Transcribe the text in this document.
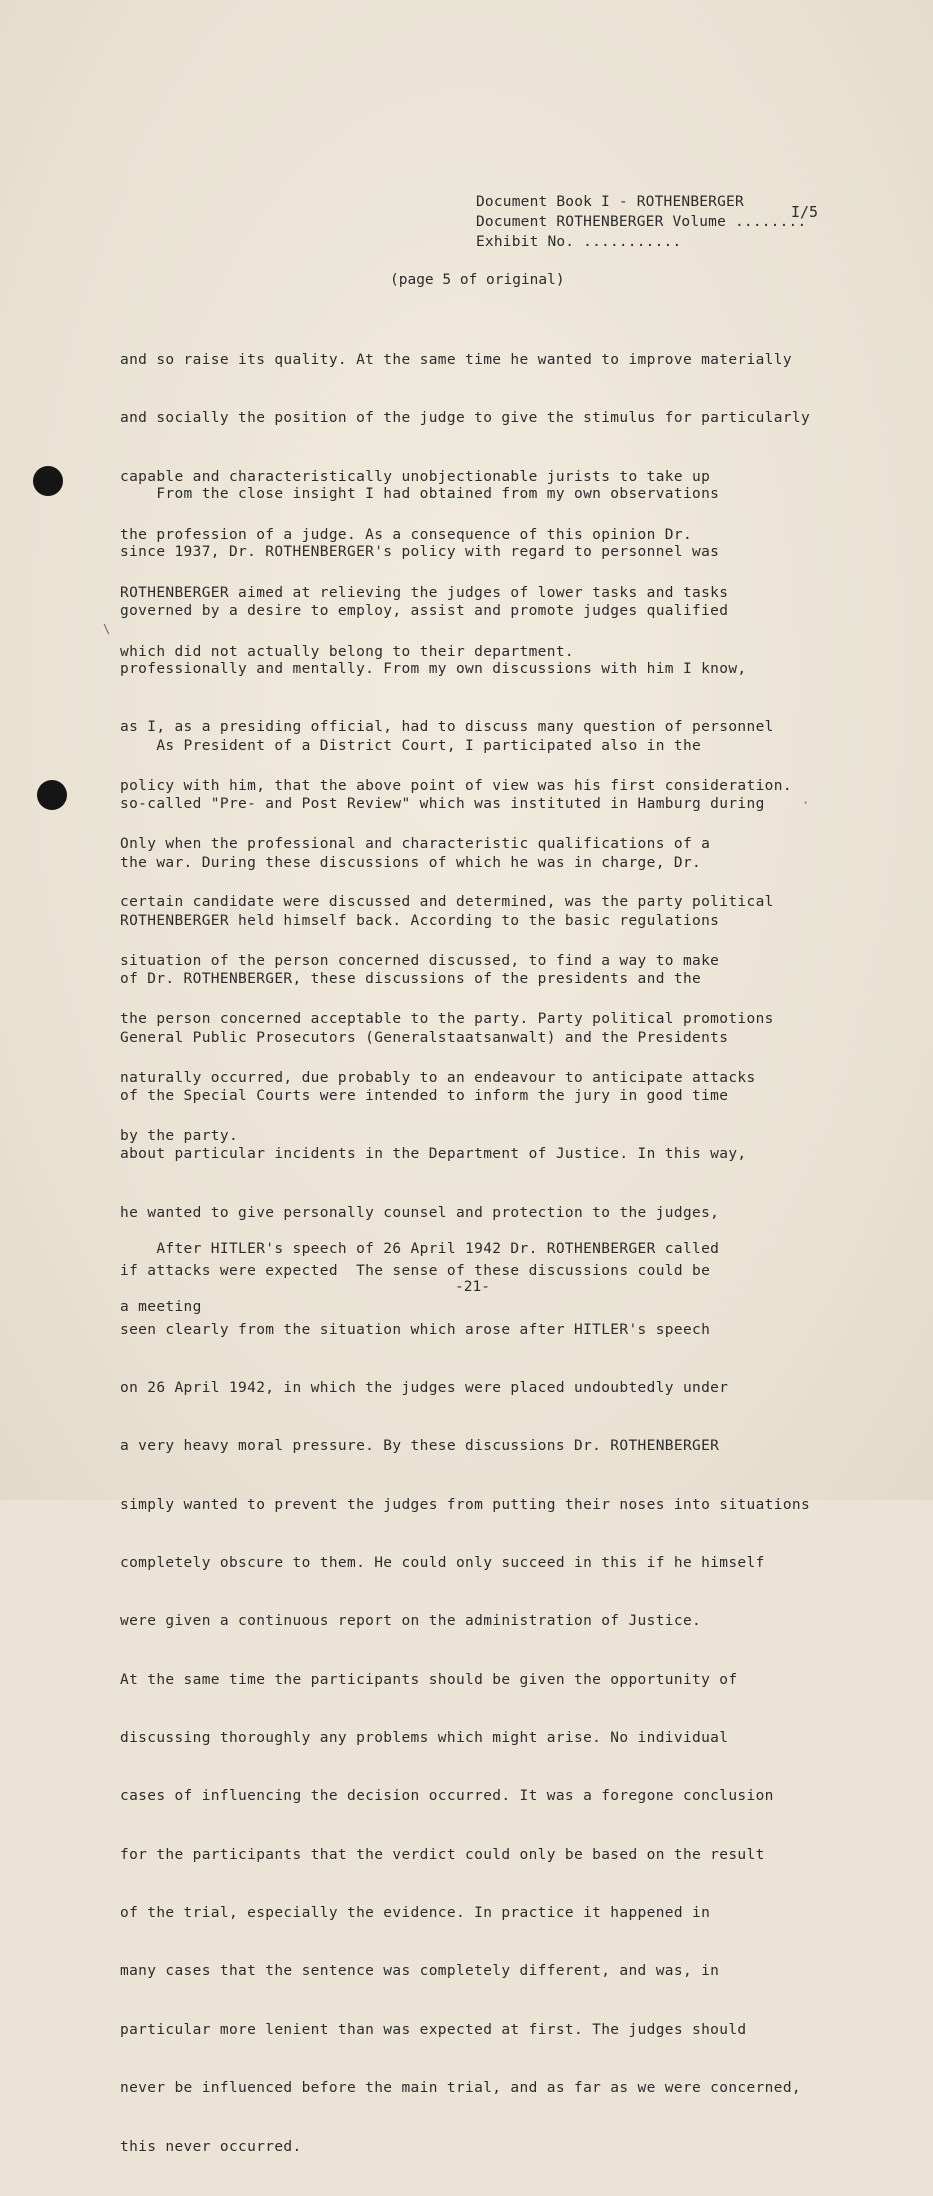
Document Book I - ROTHENBERGER
Document ROTHENBERGER Volume ........
Exhibit No. ...........
I/5
(page 5 of original)

and so raise its quality. At the same time he wanted to improve materially

and socially the position of the judge to give the stimulus for particularly

capable and characteristically unobjectionable jurists to take up

the profession of a judge. As a consequence of this opinion Dr.

ROTHENBERGER aimed at relieving the judges of lower tasks and tasks

which did not actually belong to their department.

From the close insight I had obtained from my own observations

since 1937, Dr. ROTHENBERGER's policy with regard to personnel was

governed by a desire to employ, assist and promote judges qualified

professionally and mentally. From my own discussions with him I know,

as I, as a presiding official, had to discuss many question of personnel

policy with him, that the above point of view was his first consideration.

Only when the professional and characteristic qualifications of a

certain candidate were discussed and determined, was the party political

situation of the person concerned discussed, to find a way to make

the person concerned acceptable to the party. Party political promotions

naturally occurred, due probably to an endeavour to anticipate attacks

by the party.

As President of a District Court, I participated also in the

so-called "Pre- and Post Review" which was instituted in Hamburg during

the war. During these discussions of which he was in charge, Dr.

ROTHENBERGER held himself back. According to the basic regulations

of Dr. ROTHENBERGER, these discussions of the presidents and the

General Public Prosecutors (Generalstaatsanwalt) and the Presidents

of the Special Courts were intended to inform the jury in good time

about particular incidents in the Department of Justice. In this way,

he wanted to give personally counsel and protection to the judges,

if attacks were expected  The sense of these discussions could be

seen clearly from the situation which arose after HITLER's speech

on 26 April 1942, in which the judges were placed undoubtedly under

a very heavy moral pressure. By these discussions Dr. ROTHENBERGER

simply wanted to prevent the judges from putting their noses into situations

completely obscure to them. He could only succeed in this if he himself

were given a continuous report on the administration of Justice.

At the same time the participants should be given the opportunity of

discussing thoroughly any problems which might arise. No individual

cases of influencing the decision occurred. It was a foregone conclusion

for the participants that the verdict could only be based on the result

of the trial, especially the evidence. In practice it happened in

many cases that the sentence was completely different, and was, in

particular more lenient than was expected at first. The judges should

never be influenced before the main trial, and as far as we were concerned,

this never occurred.

After HITLER's speech of 26 April 1942 Dr. ROTHENBERGER called

a meeting

-21-
\
·
